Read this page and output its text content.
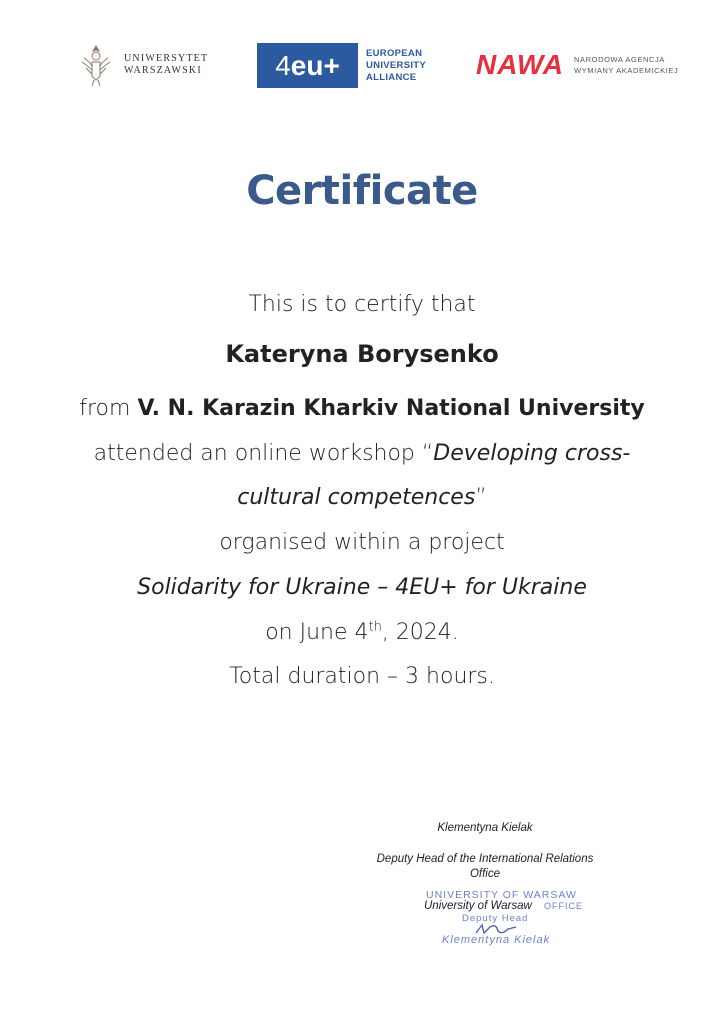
UNIWERSYTET
WARSZAWSKI	4 eu+	EUROPEAN
UNIVERSITY
ALLIANCE	NAWA NARODOWA AGENCJA
WYMIANY AKADEMICKIEJ
Certificate
This is to certify that
Kateryna Borysenko
from V. N. Karazin Kharkiv National University
attended an online workshop “Developing cross-
cultural competences”
organised within a project
Solidarity for Ukraine – 4EU+ for Ukraine
on June 4th, 2024.
Total duration – 3 hours.
Klementyna Kielak
Deputy Head of the International Relations
Office
UNIVERSITY OF WARSAW
University of Warsaw OFFICE
Deputy Head
Klementyna Kielak
